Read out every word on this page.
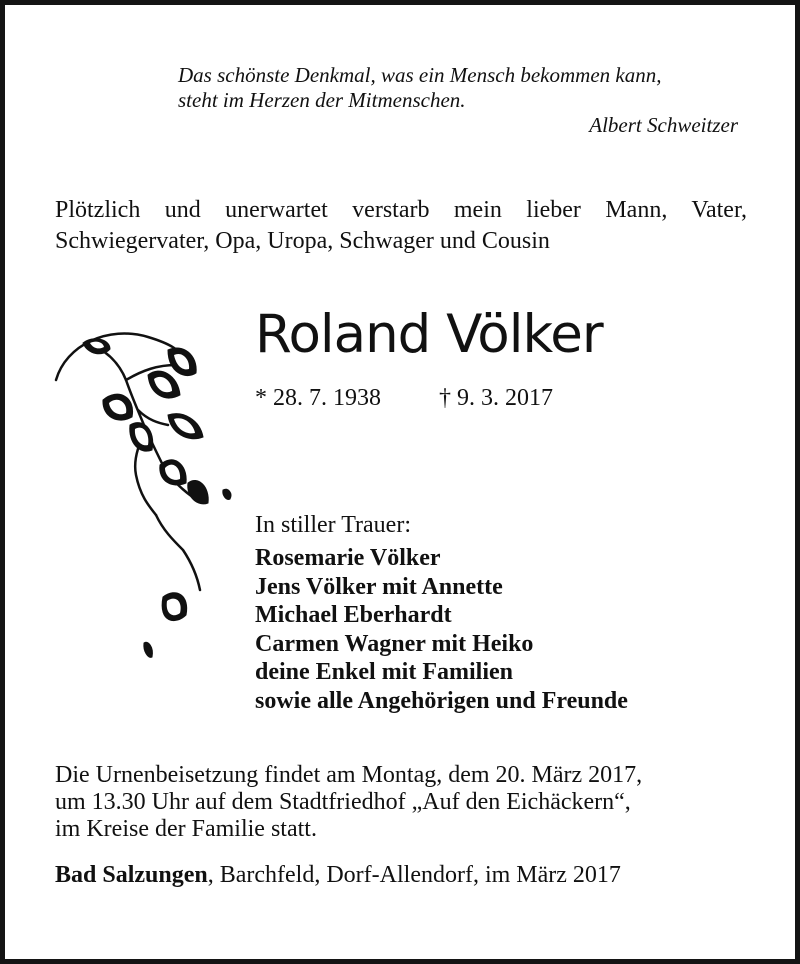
Das schönste Denkmal, was ein Mensch bekommen kann,
steht im Herzen der Mitmenschen.
Albert Schweitzer
Plötzlich und unerwartet verstarb mein lieber Mann, Vater, Schwiegervater, Opa, Uropa, Schwager und Cousin
Roland Völker
* 28. 7. 1938 † 9. 3. 2017
In stiller Trauer:
Rosemarie Völker
Jens Völker mit Annette
Michael Eberhardt
Carmen Wagner mit Heiko
deine Enkel mit Familien
sowie alle Angehörigen und Freunde
Die Urnenbeisetzung findet am Montag, dem 20. März 2017,
um 13.30 Uhr auf dem Stadtfriedhof „Auf den Eichäckern“,
im Kreise der Familie statt.
Bad Salzungen, Barchfeld, Dorf-Allendorf, im März 2017
